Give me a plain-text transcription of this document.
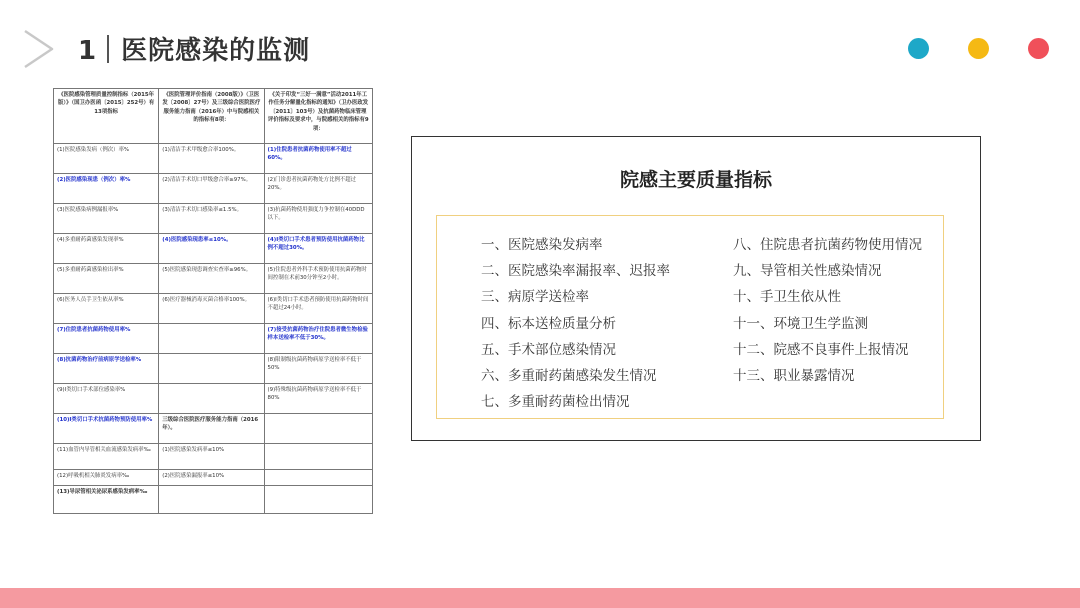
1 医院感染的监测
《医院感染管理质量控制指标（2015年版）》（国卫办医函〔2015〕252号）有13项指标	《医院管理评价指南（2008版）》（卫医发〔2008〕27号）及三级综合医院医疗服务能力指南（2016年）中与院感相关的指标有8项：	《关于印发“三好一满意”活动2011年工作任务分解量化指标的通知》（卫办医政发〔2011〕103号）及抗菌药物临床管理评价指标及要求中，与院感相关的指标有9项：
(1)医院感染发病（例次）率%	(1)清洁手术甲级愈合率100%。	(1)住院患者抗菌药物使用率不超过60%。
(2)医院感染现患（例次）率%	(2)清洁手术切口甲级愈合率≥97%。	(2)门诊患者抗菌药物处方比例不超过20%。
(3)医院感染病例漏报率%	(3)清洁手术切口感染率≤1.5%。	(3)抗菌药物使用强度力争控制在40DDD以下。
(4)多重耐药菌感染发现率%	(4)医院感染现患率≤10%。	(4)I类切口手术患者预防使用抗菌药物比例不超过30%。
(5)多重耐药菌感染检出率%	(5)医院感染现患调查实查率≥96%。	(5)住院患者外科手术预防使用抗菌药物时间控制在术前30分钟至2小时。
(6)医务人员手卫生依从率%	(6)医疗器械消毒灭菌合格率100%。	(6)I类切口手术患者预防使用抗菌药物时间不超过24小时。
(7)住院患者抗菌药物使用率%		(7)接受抗菌药物治疗住院患者微生物检验样本送检率不低于30%。
(8)抗菌药物治疗前病原学送检率%		(8)限制级抗菌药物病原学送检率不低于50%
(9)I类切口手术部位感染率%		(9)特殊级抗菌药物病原学送检率不低于80%
(10)I类切口手术抗菌药物预防使用率%	三级综合医院医疗服务能力指南（2016年）。	
(11)血管内导管相关血流感染发病率‰	(1)医院感染发病率≤10%	
(12)呼吸机相关肺炎发病率‰	(2)医院感染漏报率≤10%	
(13)导尿管相关泌尿系感染发病率‰		
院感主要质量指标
一、医院感染发病率
二、医院感染率漏报率、迟报率
三、病原学送检率
四、标本送检质量分析
五、手术部位感染情况
六、多重耐药菌感染发生情况
七、多重耐药菌检出情况
八、住院患者抗菌药物使用情况
九、导管相关性感染情况
十、手卫生依从性
十一、环境卫生学监测
十二、院感不良事件上报情况
十三、职业暴露情况
